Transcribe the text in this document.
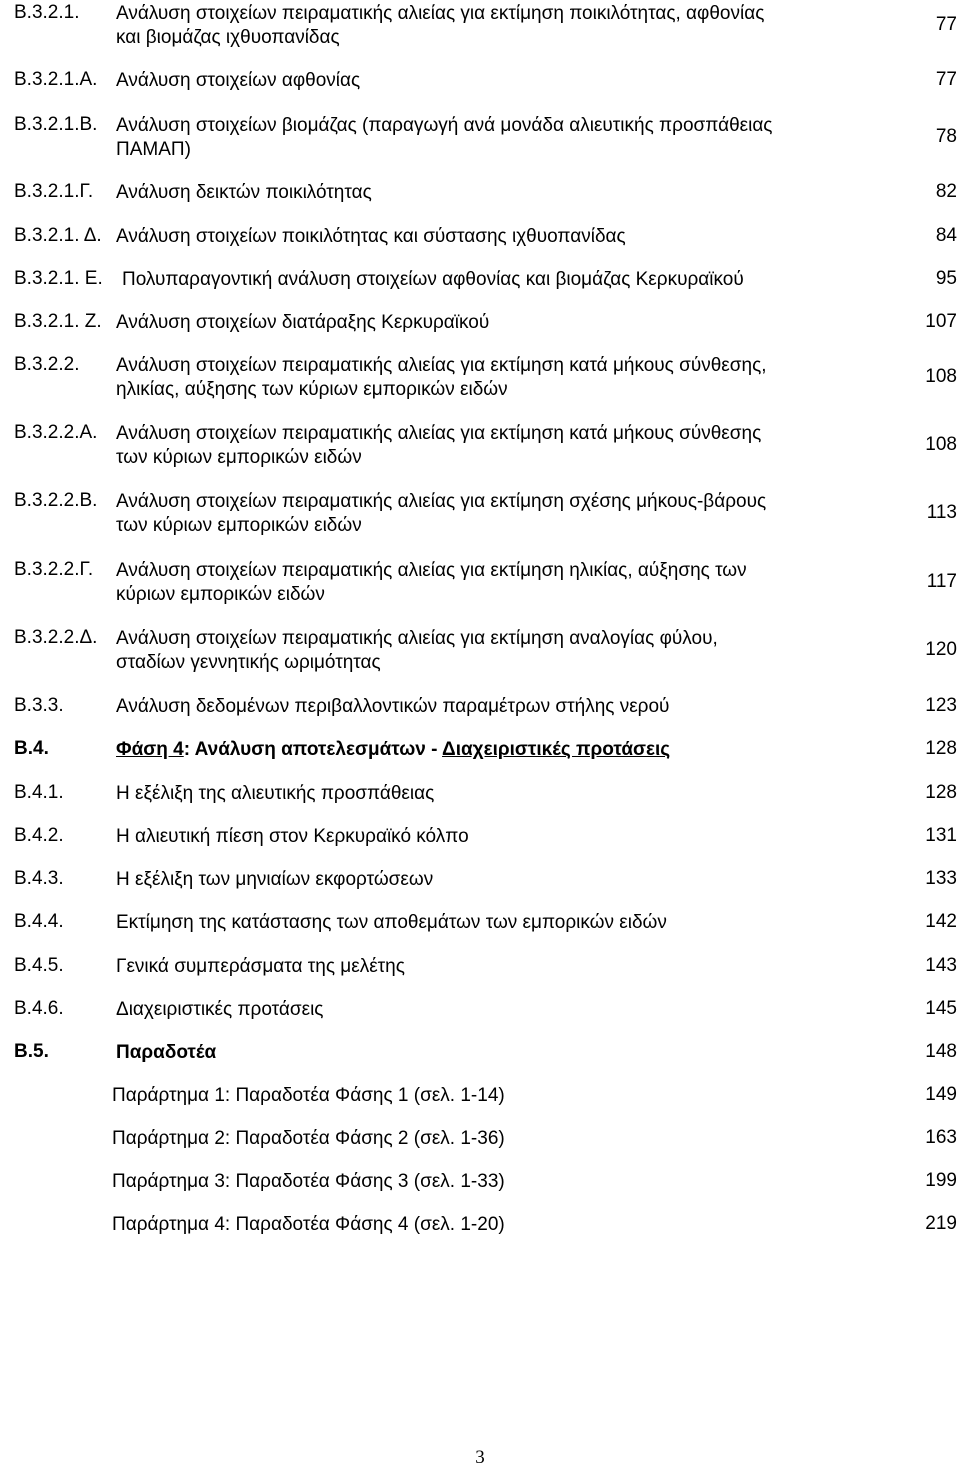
Β.3.2.1. Ανάλυση στοιχείων πειραματικής αλιείας για εκτίμηση ποικιλότητας, αφθονίας
και βιομάζας ιχθυοπανίδας
77
Β.3.2.1.Α. Ανάλυση στοιχείων αφθονίας	77
Β.3.2.1.Β. Ανάλυση στοιχείων βιομάζας (παραγωγή ανά μονάδα αλιευτικής προσπάθειας
ΠΑΜΑΠ)
78
Β.3.2.1.Γ. Ανάλυση δεικτών ποικιλότητας	82
Β.3.2.1. Δ. Ανάλυση στοιχείων ποικιλότητας και σύστασης ιχθυοπανίδας	84
Β.3.2.1. Ε. Πολυπαραγοντική ανάλυση στοιχείων αφθονίας και βιομάζας Κερκυραϊκού	95
Β.3.2.1. Ζ. Ανάλυση στοιχείων διατάραξης Κερκυραϊκού	107
Β.3.2.2. Ανάλυση στοιχείων πειραματικής αλιείας για εκτίμηση κατά μήκους σύνθεσης,
ηλικίας, αύξησης των κύριων εμπορικών ειδών
108
Β.3.2.2.Α. Ανάλυση στοιχείων πειραματικής αλιείας για εκτίμηση κατά μήκους σύνθεσης
των κύριων εμπορικών ειδών
108
Β.3.2.2.Β. Ανάλυση στοιχείων πειραματικής αλιείας για εκτίμηση σχέσης μήκους-βάρους
των κύριων εμπορικών ειδών
113
Β.3.2.2.Γ. Ανάλυση στοιχείων πειραματικής αλιείας για εκτίμηση ηλικίας, αύξησης των
κύριων εμπορικών ειδών
117
Β.3.2.2.Δ. Ανάλυση στοιχείων πειραματικής αλιείας για εκτίμηση αναλογίας φύλου,
σταδίων γεννητικής ωριμότητας
120
Β.3.3.	Ανάλυση δεδομένων περιβαλλοντικών παραμέτρων στήλης νερού	123
Β.4.	Φάση 4: Ανάλυση αποτελεσμάτων - Διαχειριστικές προτάσεις	128
Β.4.1.	Η εξέλιξη της αλιευτικής προσπάθειας	128
Β.4.2.	Η αλιευτική πίεση στον Κερκυραϊκό κόλπο	131
Β.4.3.	Η εξέλιξη των μηνιαίων εκφορτώσεων	133
Β.4.4.	Εκτίμηση της κατάστασης των αποθεμάτων των εμπορικών ειδών	142
Β.4.5.	Γενικά συμπεράσματα της μελέτης	143
Β.4.6.	Διαχειριστικές προτάσεις	145
Β.5.	Παραδοτέα	148
Παράρτημα 1: Παραδοτέα Φάσης 1 (σελ. 1-14)	149
Παράρτημα 2: Παραδοτέα Φάσης 2 (σελ. 1-36)	163
Παράρτημα 3: Παραδοτέα Φάσης 3 (σελ. 1-33)	199
Παράρτημα 4: Παραδοτέα Φάσης 4 (σελ. 1-20)	219
3
